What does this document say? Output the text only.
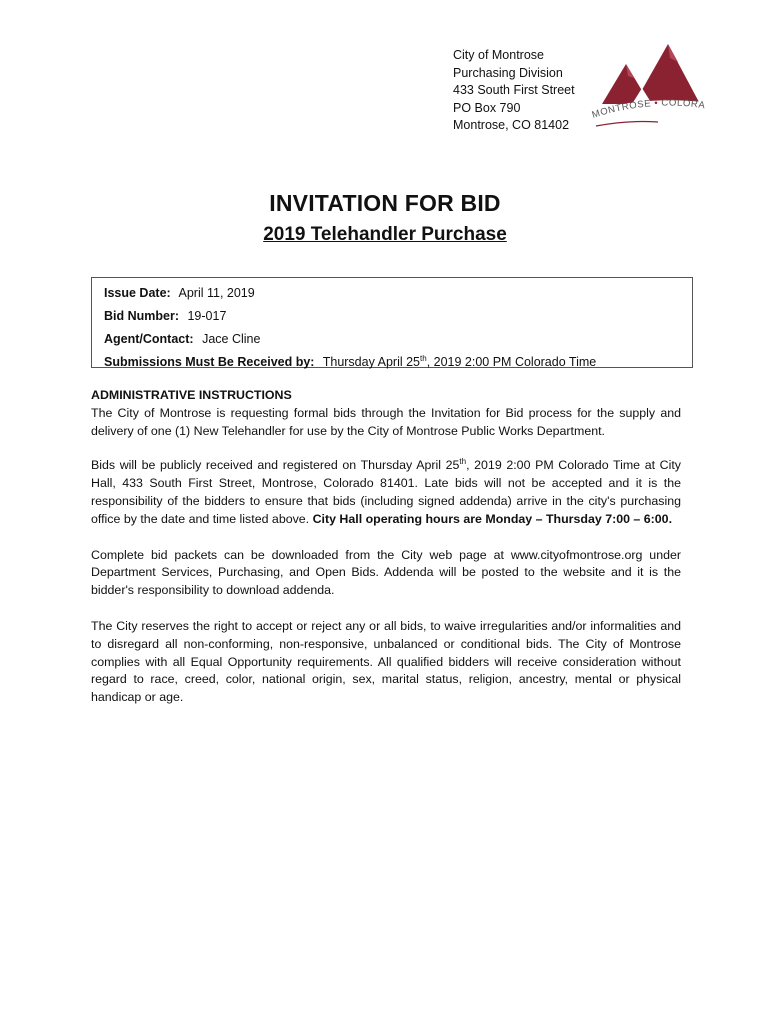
City of Montrose
Purchasing Division
433 South First Street
PO Box 790
Montrose, CO 81402
MONTROSE • COLORA
INVITATION FOR BID
2019 Telehandler Purchase
Issue Date: April 11, 2019
Bid Number: 19-017
Agent/Contact: Jace Cline
Submissions Must Be Received by: Thursday April 25th, 2019 2:00 PM Colorado Time

ADMINISTRATIVE INSTRUCTIONS
The City of Montrose is requesting formal bids through the Invitation for Bid process for the supply and delivery of one (1) New Telehandler for use by the City of Montrose Public Works Department.

Bids will be publicly received and registered on Thursday April 25th, 2019 2:00 PM Colorado Time at City Hall, 433 South First Street, Montrose, Colorado 81401. Late bids will not be accepted and it is the responsibility of the bidders to ensure that bids (including signed addenda) arrive in the city's purchasing office by the date and time listed above. City Hall operating hours are Monday – Thursday 7:00 – 6:00.

Complete bid packets can be downloaded from the City web page at www.cityofmontrose.org under Department Services, Purchasing, and Open Bids. Addenda will be posted to the website and it is the bidder's responsibility to download addenda.

The City reserves the right to accept or reject any or all bids, to waive irregularities and/or informalities and to disregard all non-conforming, non-responsive, unbalanced or conditional bids. The City of Montrose complies with all Equal Opportunity requirements. All qualified bidders will receive consideration without regard to race, creed, color, national origin, sex, marital status, religion, ancestry, mental or physical handicap or age.
